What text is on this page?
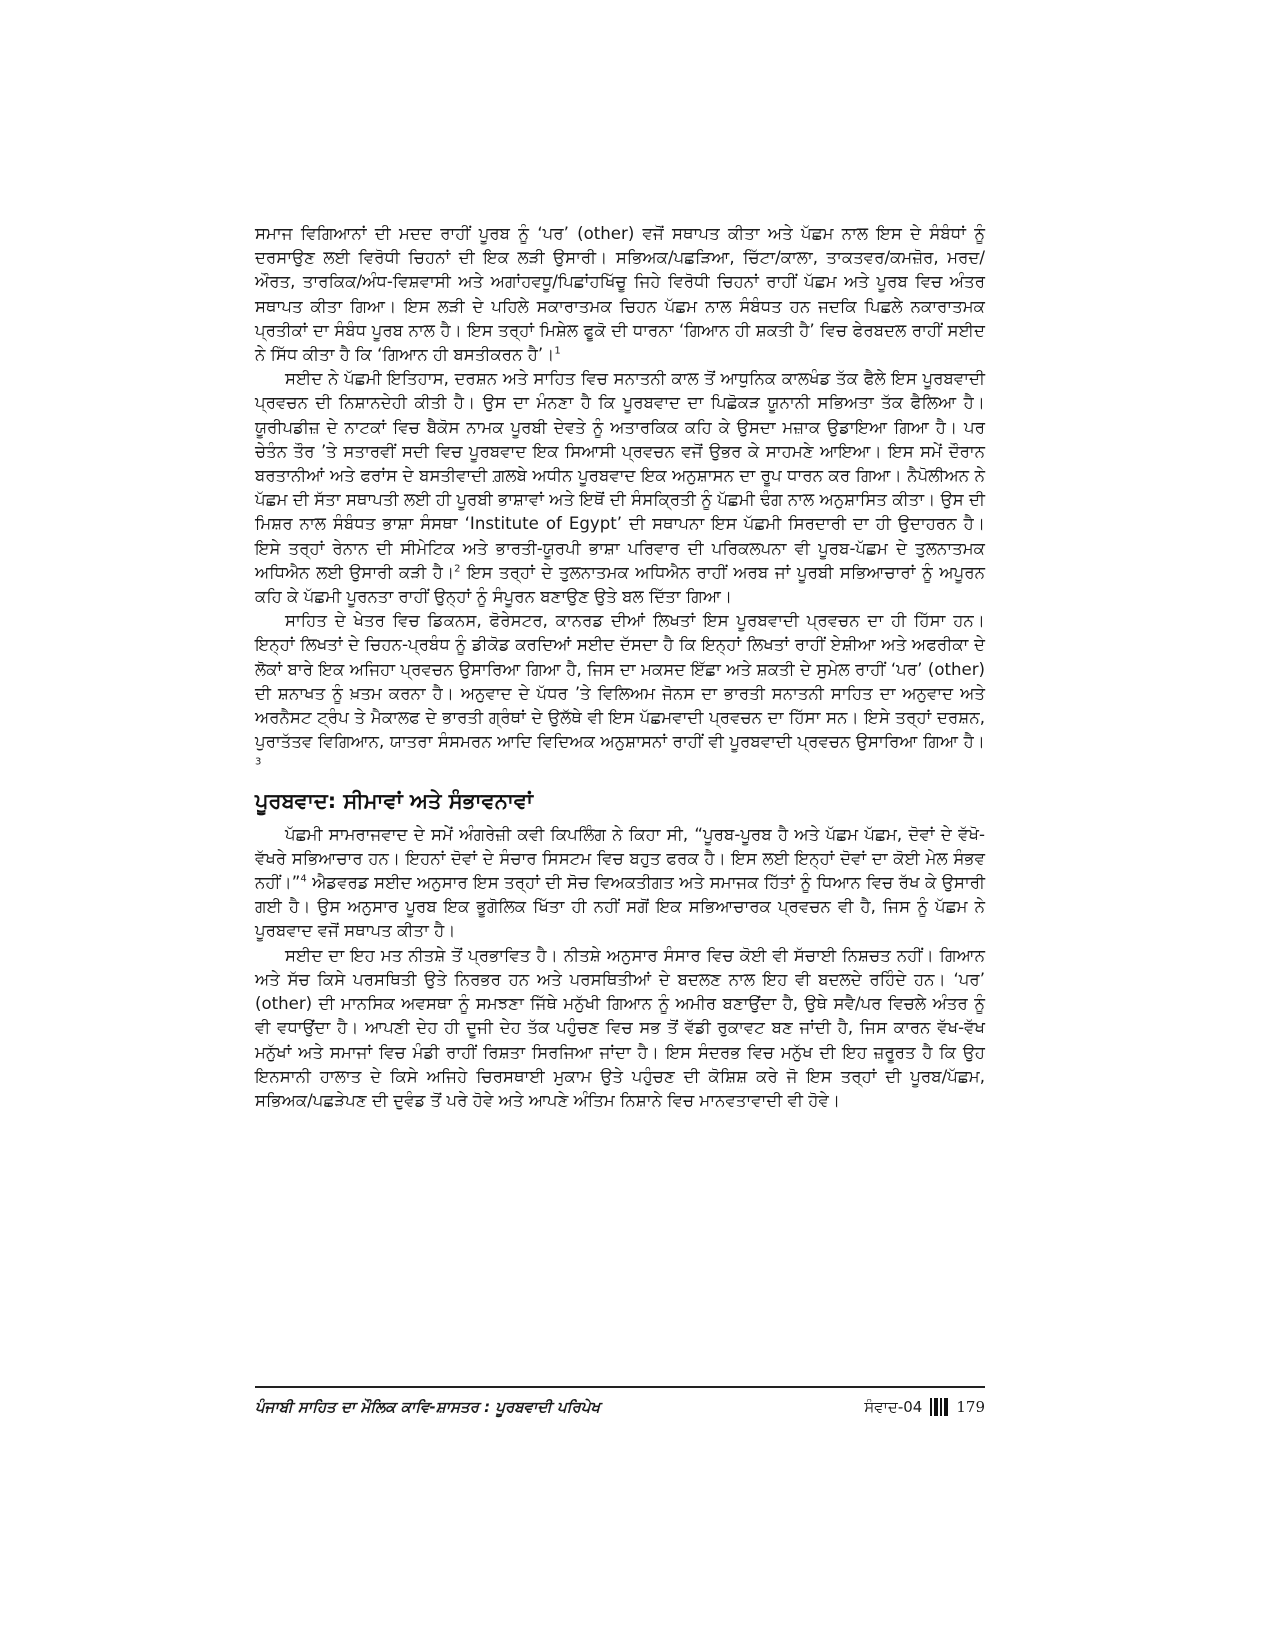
ਸਮਾਜ ਵਿਗਿਆਨਾਂ ਦੀ ਮਦਦ ਰਾਹੀਂ ਪੂਰਬ ਨੂੰ ‘ਪਰ’ (other) ਵਜੋਂ ਸਥਾਪਤ ਕੀਤਾ ਅਤੇ ਪੱਛਮ ਨਾਲ ਇਸ ਦੇ ਸੰਬੰਧਾਂ ਨੂੰ ਦਰਸਾਉਣ ਲਈ ਵਿਰੋਧੀ ਚਿਹਨਾਂ ਦੀ ਇਕ ਲੜੀ ਉਸਾਰੀ। ਸਭਿਅਕ/ਪਛੜਿਆ, ਚਿੱਟਾ/ਕਾਲਾ, ਤਾਕਤਵਰ/ਕਮਜ਼ੋਰ, ਮਰਦ/ਔਰਤ, ਤਾਰਕਿਕ/ਅੰਧ-ਵਿਸ਼ਵਾਸੀ ਅਤੇ ਅਗਾਂਹਵਧੂ/ਪਿਛਾਂਹਖਿੱਚੂ ਜਿਹੇ ਵਿਰੋਧੀ ਚਿਹਨਾਂ ਰਾਹੀਂ ਪੱਛਮ ਅਤੇ ਪੂਰਬ ਵਿਚ ਅੰਤਰ ਸਥਾਪਤ ਕੀਤਾ ਗਿਆ। ਇਸ ਲੜੀ ਦੇ ਪਹਿਲੇ ਸਕਾਰਾਤਮਕ ਚਿਹਨ ਪੱਛਮ ਨਾਲ ਸੰਬੰਧਤ ਹਨ ਜਦਕਿ ਪਿਛਲੇ ਨਕਾਰਾਤਮਕ ਪ੍ਰਤੀਕਾਂ ਦਾ ਸੰਬੰਧ ਪੂਰਬ ਨਾਲ ਹੈ। ਇਸ ਤਰ੍ਹਾਂ ਮਿਸ਼ੇਲ ਫੂਕੋ ਦੀ ਧਾਰਨਾ ‘ਗਿਆਨ ਹੀ ਸ਼ਕਤੀ ਹੈ’ ਵਿਚ ਫੇਰਬਦਲ ਰਾਹੀਂ ਸਈਦ ਨੇ ਸਿੱਧ ਕੀਤਾ ਹੈ ਕਿ ‘ਗਿਆਨ ਹੀ ਬਸਤੀਕਰਨ ਹੈ’।$^1$

ਸਈਦ ਨੇ ਪੱਛਮੀ ਇਤਿਹਾਸ, ਦਰਸ਼ਨ ਅਤੇ ਸਾਹਿਤ ਵਿਚ ਸਨਾਤਨੀ ਕਾਲ ਤੋਂ ਆਧੁਨਿਕ ਕਾਲਖੰਡ ਤੱਕ ਫੈਲੇ ਇਸ ਪੂਰਬਵਾਦੀ ਪ੍ਰਵਚਨ ਦੀ ਨਿਸ਼ਾਨਦੇਹੀ ਕੀਤੀ ਹੈ। ਉਸ ਦਾ ਮੰਨਣਾ ਹੈ ਕਿ ਪੂਰਬਵਾਦ ਦਾ ਪਿਛੋਕੜ ਯੂਨਾਨੀ ਸਭਿਅਤਾ ਤੱਕ ਫੈਲਿਆ ਹੈ। ਯੂਰੀਪਡੀਜ਼ ਦੇ ਨਾਟਕਾਂ ਵਿਚ ਬੈਕੋਸ ਨਾਮਕ ਪੂਰਬੀ ਦੇਵਤੇ ਨੂੰ ਅਤਾਰਕਿਕ ਕਹਿ ਕੇ ਉਸਦਾ ਮਜ਼ਾਕ ਉਡਾਇਆ ਗਿਆ ਹੈ। ਪਰ ਚੇਤੰਨ ਤੌਰ ’ਤੇ ਸਤਾਰਵੀਂ ਸਦੀ ਵਿਚ ਪੂਰਬਵਾਦ ਇਕ ਸਿਆਸੀ ਪ੍ਰਵਚਨ ਵਜੋਂ ਉਭਰ ਕੇ ਸਾਹਮਣੇ ਆਇਆ। ਇਸ ਸਮੇਂ ਦੌਰਾਨ ਬਰਤਾਨੀਆਂ ਅਤੇ ਫਰਾਂਸ ਦੇ ਬਸਤੀਵਾਦੀ ਗ਼ਲਬੇ ਅਧੀਨ ਪੂਰਬਵਾਦ ਇਕ ਅਨੁਸ਼ਾਸਨ ਦਾ ਰੂਪ ਧਾਰਨ ਕਰ ਗਿਆ। ਨੈਪੋਲੀਅਨ ਨੇ ਪੱਛਮ ਦੀ ਸੱਤਾ ਸਥਾਪਤੀ ਲਈ ਹੀ ਪੂਰਬੀ ਭਾਸ਼ਾਵਾਂ ਅਤੇ ਇਥੋਂ ਦੀ ਸੰਸਕ੍ਰਿਤੀ ਨੂੰ ਪੱਛਮੀ ਢੰਗ ਨਾਲ ਅਨੁਸ਼ਾਸਿਤ ਕੀਤਾ। ਉਸ ਦੀ ਮਿਸ਼ਰ ਨਾਲ ਸੰਬੰਧਤ ਭਾਸ਼ਾ ਸੰਸਥਾ ‘Institute of Egypt’ ਦੀ ਸਥਾਪਨਾ ਇਸ ਪੱਛਮੀ ਸਿਰਦਾਰੀ ਦਾ ਹੀ ਉਦਾਹਰਨ ਹੈ। ਇਸੇ ਤਰ੍ਹਾਂ ਰੇਨਾਨ ਦੀ ਸੀਮੇਟਿਕ ਅਤੇ ਭਾਰਤੀ-ਯੂਰਪੀ ਭਾਸ਼ਾ ਪਰਿਵਾਰ ਦੀ ਪਰਿਕਲਪਨਾ ਵੀ ਪੂਰਬ-ਪੱਛਮ ਦੇ ਤੁਲਨਾਤਮਕ ਅਧਿਐਨ ਲਈ ਉਸਾਰੀ ਕੜੀ ਹੈ।$^2$ ਇਸ ਤਰ੍ਹਾਂ ਦੇ ਤੁਲਨਾਤਮਕ ਅਧਿਐਨ ਰਾਹੀਂ ਅਰਬ ਜਾਂ ਪੂਰਬੀ ਸਭਿਆਚਾਰਾਂ ਨੂੰ ਅਪੂਰਨ ਕਹਿ ਕੇ ਪੱਛਮੀ ਪੂਰਨਤਾ ਰਾਹੀਂ ਉਨ੍ਹਾਂ ਨੂੰ ਸੰਪੂਰਨ ਬਣਾਉਣ ਉਤੇ ਬਲ ਦਿੱਤਾ ਗਿਆ।

ਸਾਹਿਤ ਦੇ ਖੇਤਰ ਵਿਚ ਡਿਕਨਸ, ਫੋਰੇਸਟਰ, ਕਾਨਰਡ ਦੀਆਂ ਲਿਖਤਾਂ ਇਸ ਪੂਰਬਵਾਦੀ ਪ੍ਰਵਚਨ ਦਾ ਹੀ ਹਿੱਸਾ ਹਨ। ਇਨ੍ਹਾਂ ਲਿਖਤਾਂ ਦੇ ਚਿਹਨ-ਪ੍ਰਬੰਧ ਨੂੰ ਡੀਕੋਡ ਕਰਦਿਆਂ ਸਈਦ ਦੱਸਦਾ ਹੈ ਕਿ ਇਨ੍ਹਾਂ ਲਿਖਤਾਂ ਰਾਹੀਂ ਏਸ਼ੀਆ ਅਤੇ ਅਫਰੀਕਾ ਦੇ ਲੋਕਾਂ ਬਾਰੇ ਇਕ ਅਜਿਹਾ ਪ੍ਰਵਚਨ ਉਸਾਰਿਆ ਗਿਆ ਹੈ, ਜਿਸ ਦਾ ਮਕਸਦ ਇੱਛਾ ਅਤੇ ਸ਼ਕਤੀ ਦੇ ਸੁਮੇਲ ਰਾਹੀਂ ‘ਪਰ’ (other) ਦੀ ਸ਼ਨਾਖਤ ਨੂੰ ਖ਼ਤਮ ਕਰਨਾ ਹੈ। ਅਨੁਵਾਦ ਦੇ ਪੱਧਰ ’ਤੇ ਵਿਲਿਅਮ ਜੋਨਸ ਦਾ ਭਾਰਤੀ ਸਨਾਤਨੀ ਸਾਹਿਤ ਦਾ ਅਨੁਵਾਦ ਅਤੇ ਅਰਨੈਸਟ ਟ੍ਰੰਪ ਤੇ ਮੈਕਾਲਫ ਦੇ ਭਾਰਤੀ ਗ੍ਰੰਥਾਂ ਦੇ ਉਲੱਥੇ ਵੀ ਇਸ ਪੱਛਮਵਾਦੀ ਪ੍ਰਵਚਨ ਦਾ ਹਿੱਸਾ ਸਨ। ਇਸੇ ਤਰ੍ਹਾਂ ਦਰਸ਼ਨ, ਪੁਰਾਤੱਤਵ ਵਿਗਿਆਨ, ਯਾਤਰਾ ਸੰਸਮਰਨ ਆਦਿ ਵਿਦਿਅਕ ਅਨੁਸ਼ਾਸਨਾਂ ਰਾਹੀਂ ਵੀ ਪੂਰਬਵਾਦੀ ਪ੍ਰਵਚਨ ਉਸਾਰਿਆ ਗਿਆ ਹੈ।$^3$

ਪੂਰਬਵਾਦ: ਸੀਮਾਵਾਂ ਅਤੇ ਸੰਭਾਵਨਾਵਾਂ

ਪੱਛਮੀ ਸਾਮਰਾਜਵਾਦ ਦੇ ਸਮੇਂ ਅੰਗਰੇਜ਼ੀ ਕਵੀ ਕਿਪਲਿੰਗ ਨੇ ਕਿਹਾ ਸੀ, “ਪੂਰਬ-ਪੂਰਬ ਹੈ ਅਤੇ ਪੱਛਮ ਪੱਛਮ, ਦੋਵਾਂ ਦੇ ਵੱਖੋ-ਵੱਖਰੇ ਸਭਿਆਚਾਰ ਹਨ। ਇਹਨਾਂ ਦੋਵਾਂ ਦੇ ਸੰਚਾਰ ਸਿਸਟਮ ਵਿਚ ਬਹੁਤ ਫਰਕ ਹੈ। ਇਸ ਲਈ ਇਨ੍ਹਾਂ ਦੋਵਾਂ ਦਾ ਕੋਈ ਮੇਲ ਸੰਭਵ ਨਹੀਂ।”$^4$ ਐਡਵਰਡ ਸਈਦ ਅਨੁਸਾਰ ਇਸ ਤਰ੍ਹਾਂ ਦੀ ਸੋਚ ਵਿਅਕਤੀਗਤ ਅਤੇ ਸਮਾਜਕ ਹਿੱਤਾਂ ਨੂੰ ਧਿਆਨ ਵਿਚ ਰੱਖ ਕੇ ਉਸਾਰੀ ਗਈ ਹੈ। ਉਸ ਅਨੁਸਾਰ ਪੂਰਬ ਇਕ ਭੂਗੋਲਿਕ ਖਿੱਤਾ ਹੀ ਨਹੀਂ ਸਗੋਂ ਇਕ ਸਭਿਆਚਾਰਕ ਪ੍ਰਵਚਨ ਵੀ ਹੈ, ਜਿਸ ਨੂੰ ਪੱਛਮ ਨੇ ਪੂਰਬਵਾਦ ਵਜੋਂ ਸਥਾਪਤ ਕੀਤਾ ਹੈ।

ਸਈਦ ਦਾ ਇਹ ਮਤ ਨੀਤਸ਼ੇ ਤੋਂ ਪ੍ਰਭਾਵਿਤ ਹੈ। ਨੀਤਸ਼ੇ ਅਨੁਸਾਰ ਸੰਸਾਰ ਵਿਚ ਕੋਈ ਵੀ ਸੱਚਾਈ ਨਿਸ਼ਚਤ ਨਹੀਂ। ਗਿਆਨ ਅਤੇ ਸੱਚ ਕਿਸੇ ਪਰਸਥਿਤੀ ਉਤੇ ਨਿਰਭਰ ਹਨ ਅਤੇ ਪਰਸਥਿਤੀਆਂ ਦੇ ਬਦਲਣ ਨਾਲ ਇਹ ਵੀ ਬਦਲਦੇ ਰਹਿੰਦੇ ਹਨ। ‘ਪਰ’ (other) ਦੀ ਮਾਨਸਿਕ ਅਵਸਥਾ ਨੂੰ ਸਮਝਣਾ ਜਿੱਥੇ ਮਨੁੱਖੀ ਗਿਆਨ ਨੂੰ ਅਮੀਰ ਬਣਾਉਂਦਾ ਹੈ, ਉਥੇ ਸਵੈ/ਪਰ ਵਿਚਲੇ ਅੰਤਰ ਨੂੰ ਵੀ ਵਧਾਉਂਦਾ ਹੈ। ਆਪਣੀ ਦੇਹ ਹੀ ਦੂਜੀ ਦੇਹ ਤੱਕ ਪਹੁੰਚਣ ਵਿਚ ਸਭ ਤੋਂ ਵੱਡੀ ਰੁਕਾਵਟ ਬਣ ਜਾਂਦੀ ਹੈ, ਜਿਸ ਕਾਰਨ ਵੱਖ-ਵੱਖ ਮਨੁੱਖਾਂ ਅਤੇ ਸਮਾਜਾਂ ਵਿਚ ਮੰਡੀ ਰਾਹੀਂ ਰਿਸ਼ਤਾ ਸਿਰਜਿਆ ਜਾਂਦਾ ਹੈ। ਇਸ ਸੰਦਰਭ ਵਿਚ ਮਨੁੱਖ ਦੀ ਇਹ ਜ਼ਰੂਰਤ ਹੈ ਕਿ ਉਹ ਇਨਸਾਨੀ ਹਾਲਾਤ ਦੇ ਕਿਸੇ ਅਜਿਹੇ ਚਿਰਸਥਾਈ ਮੁਕਾਮ ਉਤੇ ਪਹੁੰਚਣ ਦੀ ਕੋਸ਼ਿਸ਼ ਕਰੇ ਜੋ ਇਸ ਤਰ੍ਹਾਂ ਦੀ ਪੂਰਬ/ਪੱਛਮ, ਸਭਿਅਕ/ਪਛੜੇਪਣ ਦੀ ਦੁਵੰਡ ਤੋਂ ਪਰੇ ਹੋਵੇ ਅਤੇ ਆਪਣੇ ਅੰਤਿਮ ਨਿਸ਼ਾਨੇ ਵਿਚ ਮਾਨਵਤਾਵਾਦੀ ਵੀ ਹੋਵੇ।

ਪੰਜਾਬੀ ਸਾਹਿਤ ਦਾ ਮੌਲਿਕ ਕਾਵਿ-ਸ਼ਾਸਤਰ : ਪੂਰਬਵਾਦੀ ਪਰਿਪੇਖ	ਸੰਵਾਦ-04 179
